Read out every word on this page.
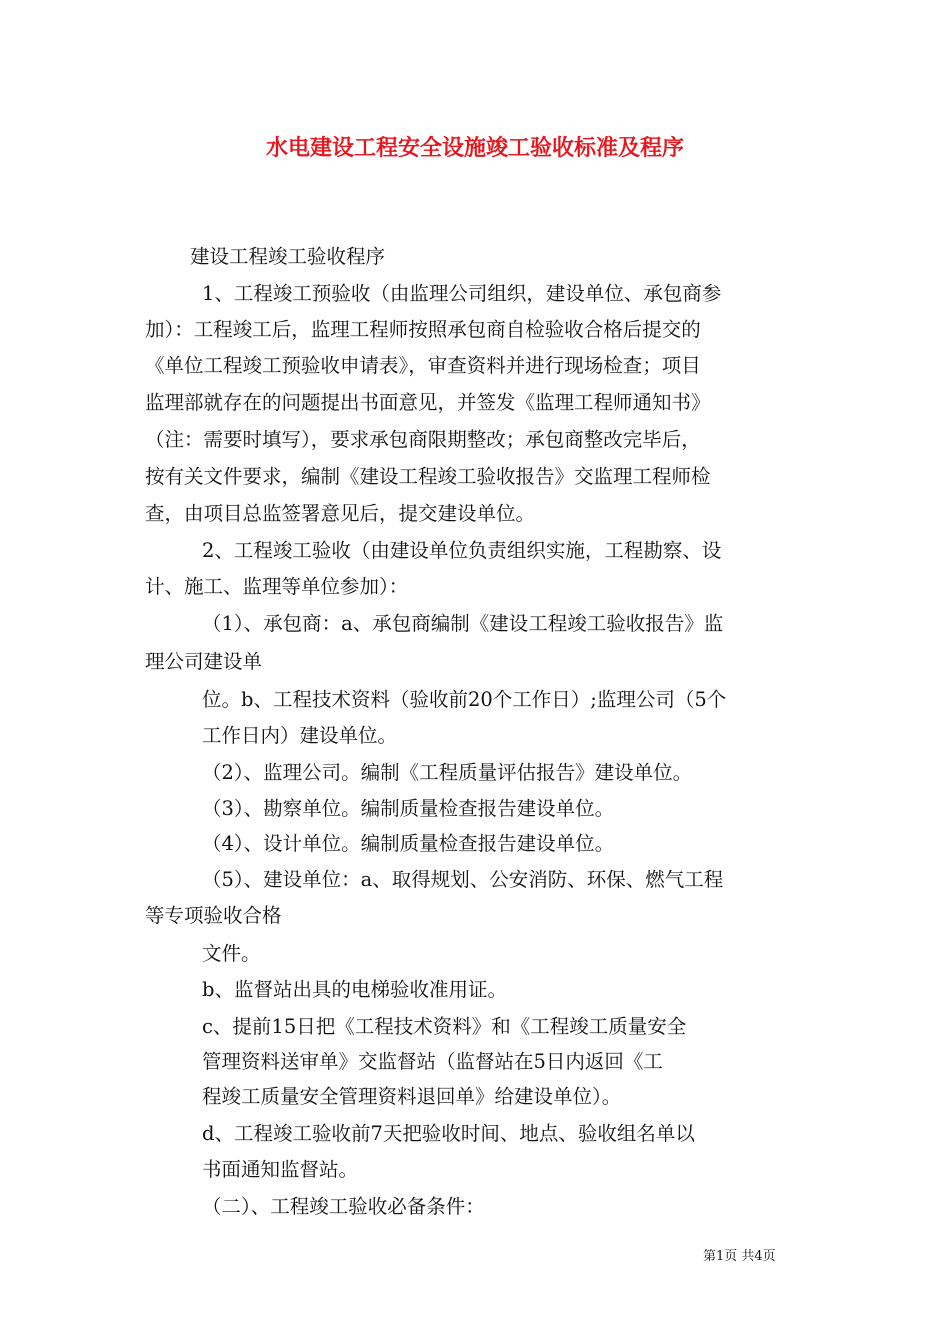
水电建设工程安全设施竣工验收标准及程序
建设工程竣工验收程序
1、工程竣工预验收（由监理公司组织，建设单位、承包商参
加）：工程竣工后，监理工程师按照承包商自检验收合格后提交的
《单位工程竣工预验收申请表》，审查资料并进行现场检查；项目
监理部就存在的问题提出书面意见，并签发《监理工程师通知书》
（注：需要时填写），要求承包商限期整改；承包商整改完毕后，
按有关文件要求，编制《建设工程竣工验收报告》交监理工程师检
查，由项目总监签署意见后，提交建设单位。
2、工程竣工验收（由建设单位负责组织实施，工程勘察、设
计、施工、监理等单位参加）：
（1）、承包商：a、承包商编制《建设工程竣工验收报告》监
理公司建设单
位。b、工程技术资料（验收前20个工作日）;监理公司（5个
工作日内）建设单位。
（2）、监理公司。编制《工程质量评估报告》建设单位。
（3）、勘察单位。编制质量检查报告建设单位。
（4）、设计单位。编制质量检查报告建设单位。
（5）、建设单位：a、取得规划、公安消防、环保、燃气工程
等专项验收合格
文件。
b、监督站出具的电梯验收准用证。
c、提前15日把《工程技术资料》和《工程竣工质量安全
管理资料送审单》交监督站（监督站在5日内返回《工
程竣工质量安全管理资料退回单》给建设单位）。
d、工程竣工验收前7天把验收时间、地点、验收组名单以
书面通知监督站。
（二）、工程竣工验收必备条件：
第1页 共4页
